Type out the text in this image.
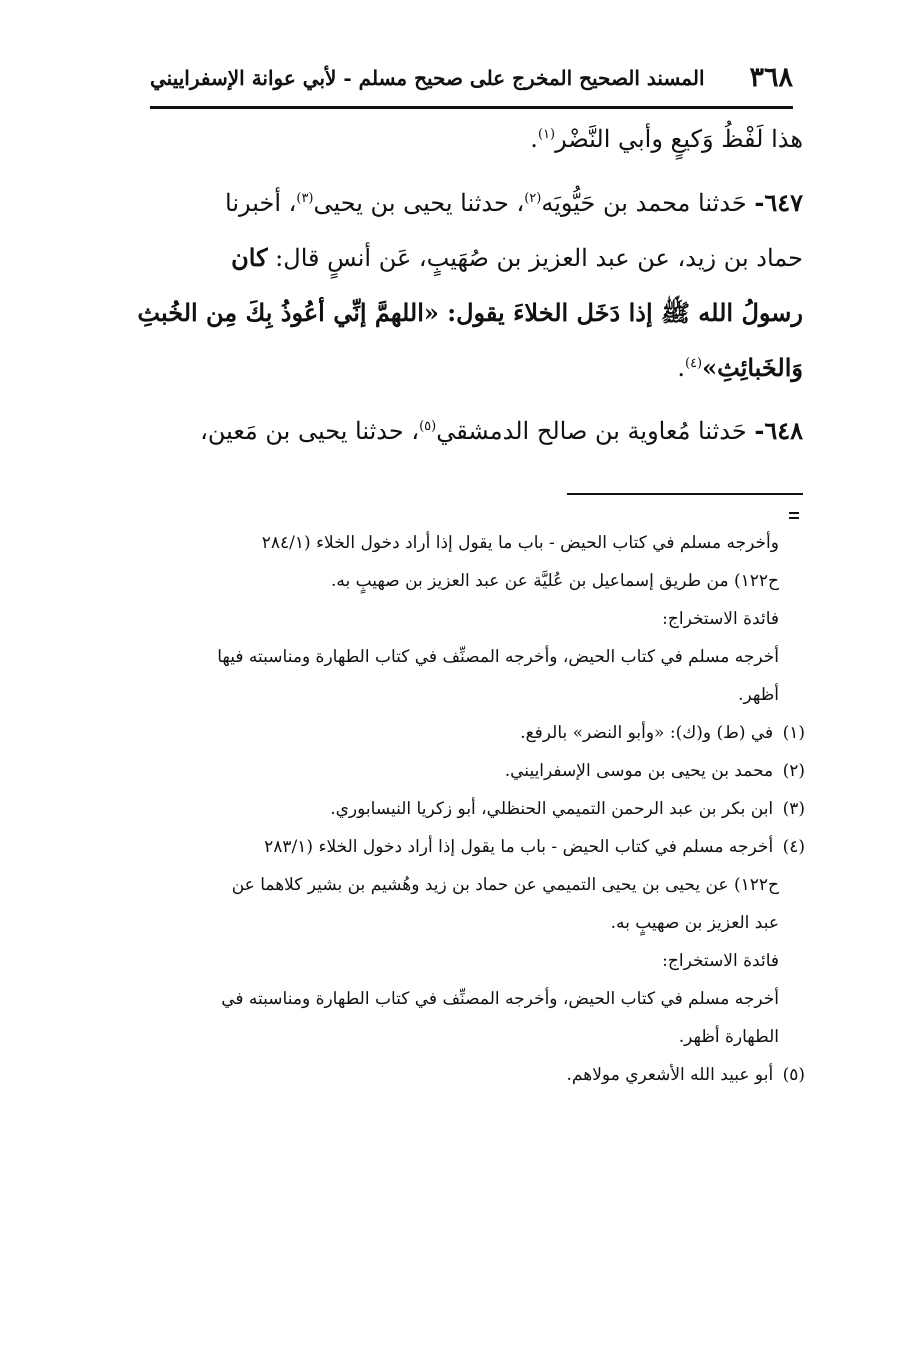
٣٦٨
المسند الصحيح المخرج على صحيح مسلم - لأبي عوانة الإسفراييني
هذا لَفْظُ وَكيعٍ وأبي النَّضْر$^{(١)}$.
٦٤٧- حَدثنا محمد بن حَيُّويَه$^{(٢)}$، حدثنا يحيى بن يحيى$^{(٣)}$، أخبرنا
حماد بن زيد، عن عبد العزيز بن صُهَيبٍ، عَن أنسٍ قال: كان
رسولُ الله ﷺ إذا دَخَل الخلاءَ يقول: «اللهمَّ إنِّي أعُوذُ بِكَ مِن الخُبثِ
وَالخَبائِثِ»$^{(٤)}$.
٦٤٨- حَدثنا مُعاوية بن صالح الدمشقي$^{(٥)}$، حدثنا يحيى بن مَعين،
وأخرجه مسلم في كتاب الحيض - باب ما يقول إذا أراد دخول الخلاء (٢٨٤/١
ح١٢٢) من طريق إسماعيل بن عُليَّة عن عبد العزيز بن صهيبٍ به.
فائدة الاستخراج:
أخرجه مسلم في كتاب الحيض، وأخرجه المصنِّف في كتاب الطهارة ومناسبته فيها
أظهر.
(١) في (ط) و(ك): «وأبو النضر» بالرفع.
(٢) محمد بن يحيى بن موسى الإسفراييني.
(٣) ابن بكر بن عبد الرحمن التميمي الحنظلي، أبو زكريا النيسابوري.
(٤) أخرجه مسلم في كتاب الحيض - باب ما يقول إذا أراد دخول الخلاء (٢٨٣/١
ح١٢٢) عن يحيى بن يحيى التميمي عن حماد بن زيد وهُشيم بن بشير كلاهما عن
عبد العزيز بن صهيبٍ به.
فائدة الاستخراج:
أخرجه مسلم في كتاب الحيض، وأخرجه المصنِّف في كتاب الطهارة ومناسبته في
الطهارة أظهر.
(٥) أبو عبيد الله الأشعري مولاهم.
